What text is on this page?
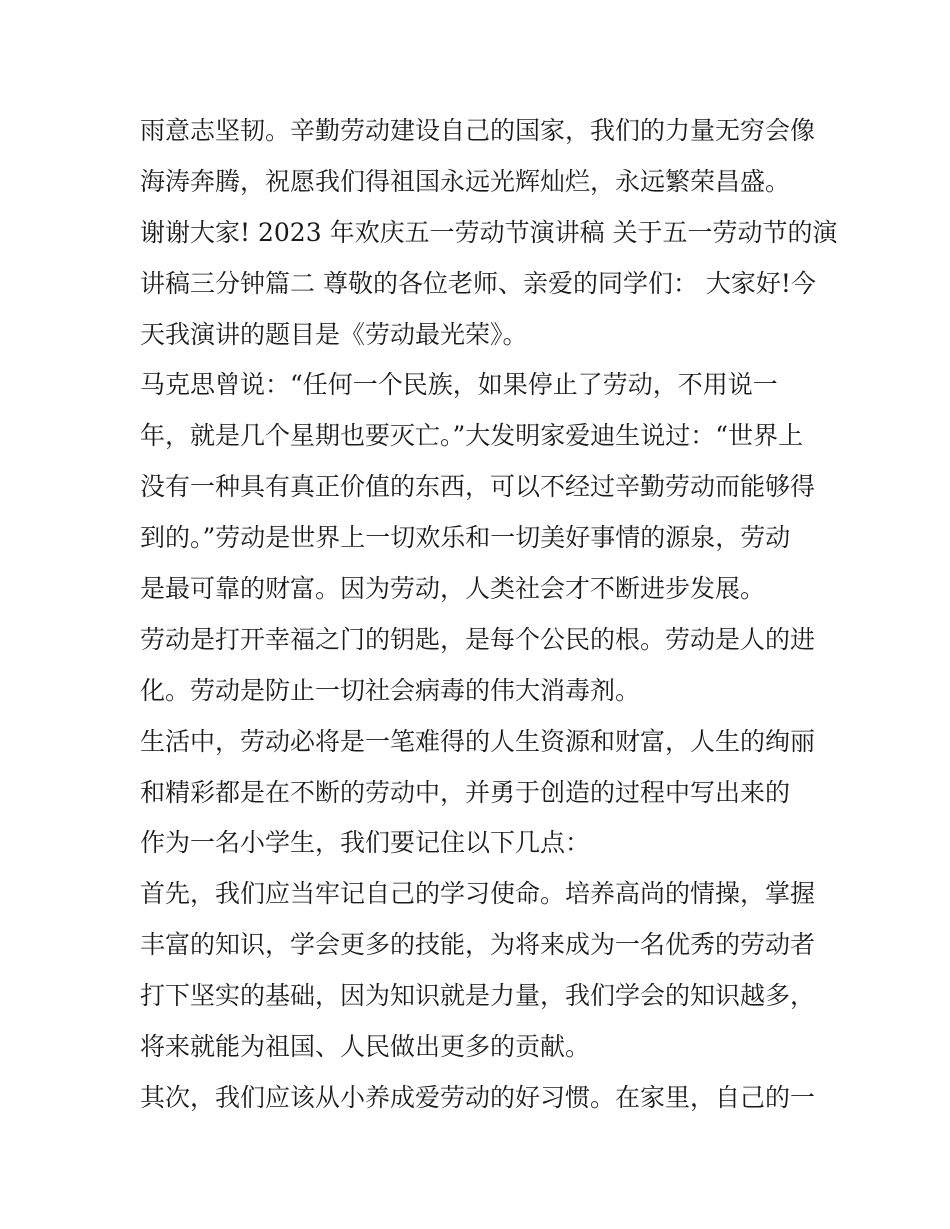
雨意志坚韧。辛勤劳动建设自己的国家，我们的力量无穷会像
海涛奔腾，祝愿我们得祖国永远光辉灿烂，永远繁荣昌盛。
谢谢大家! 2023 年欢庆五一劳动节演讲稿 关于五一劳动节的演
讲稿三分钟篇二 尊敬的各位老师、亲爱的同学们： 大家好!今
天我演讲的题目是《劳动最光荣》。
马克思曾说：“任何一个民族，如果停止了劳动，不用说一
年，就是几个星期也要灭亡。”大发明家爱迪生说过：“世界上
没有一种具有真正价值的东西，可以不经过辛勤劳动而能够得
到的。”劳动是世界上一切欢乐和一切美好事情的源泉，劳动
是最可靠的财富。因为劳动，人类社会才不断进步发展。
劳动是打开幸福之门的钥匙，是每个公民的根。劳动是人的进
化。劳动是防止一切社会病毒的伟大消毒剂。
生活中，劳动必将是一笔难得的人生资源和财富，人生的绚丽
和精彩都是在不断的劳动中，并勇于创造的过程中写出来的
作为一名小学生，我们要记住以下几点：
首先，我们应当牢记自己的学习使命。培养高尚的情操，掌握
丰富的知识，学会更多的技能，为将来成为一名优秀的劳动者
打下坚实的基础，因为知识就是力量，我们学会的知识越多，
将来就能为祖国、人民做出更多的贡献。
其次，我们应该从小养成爱劳动的好习惯。在家里，自己的一
